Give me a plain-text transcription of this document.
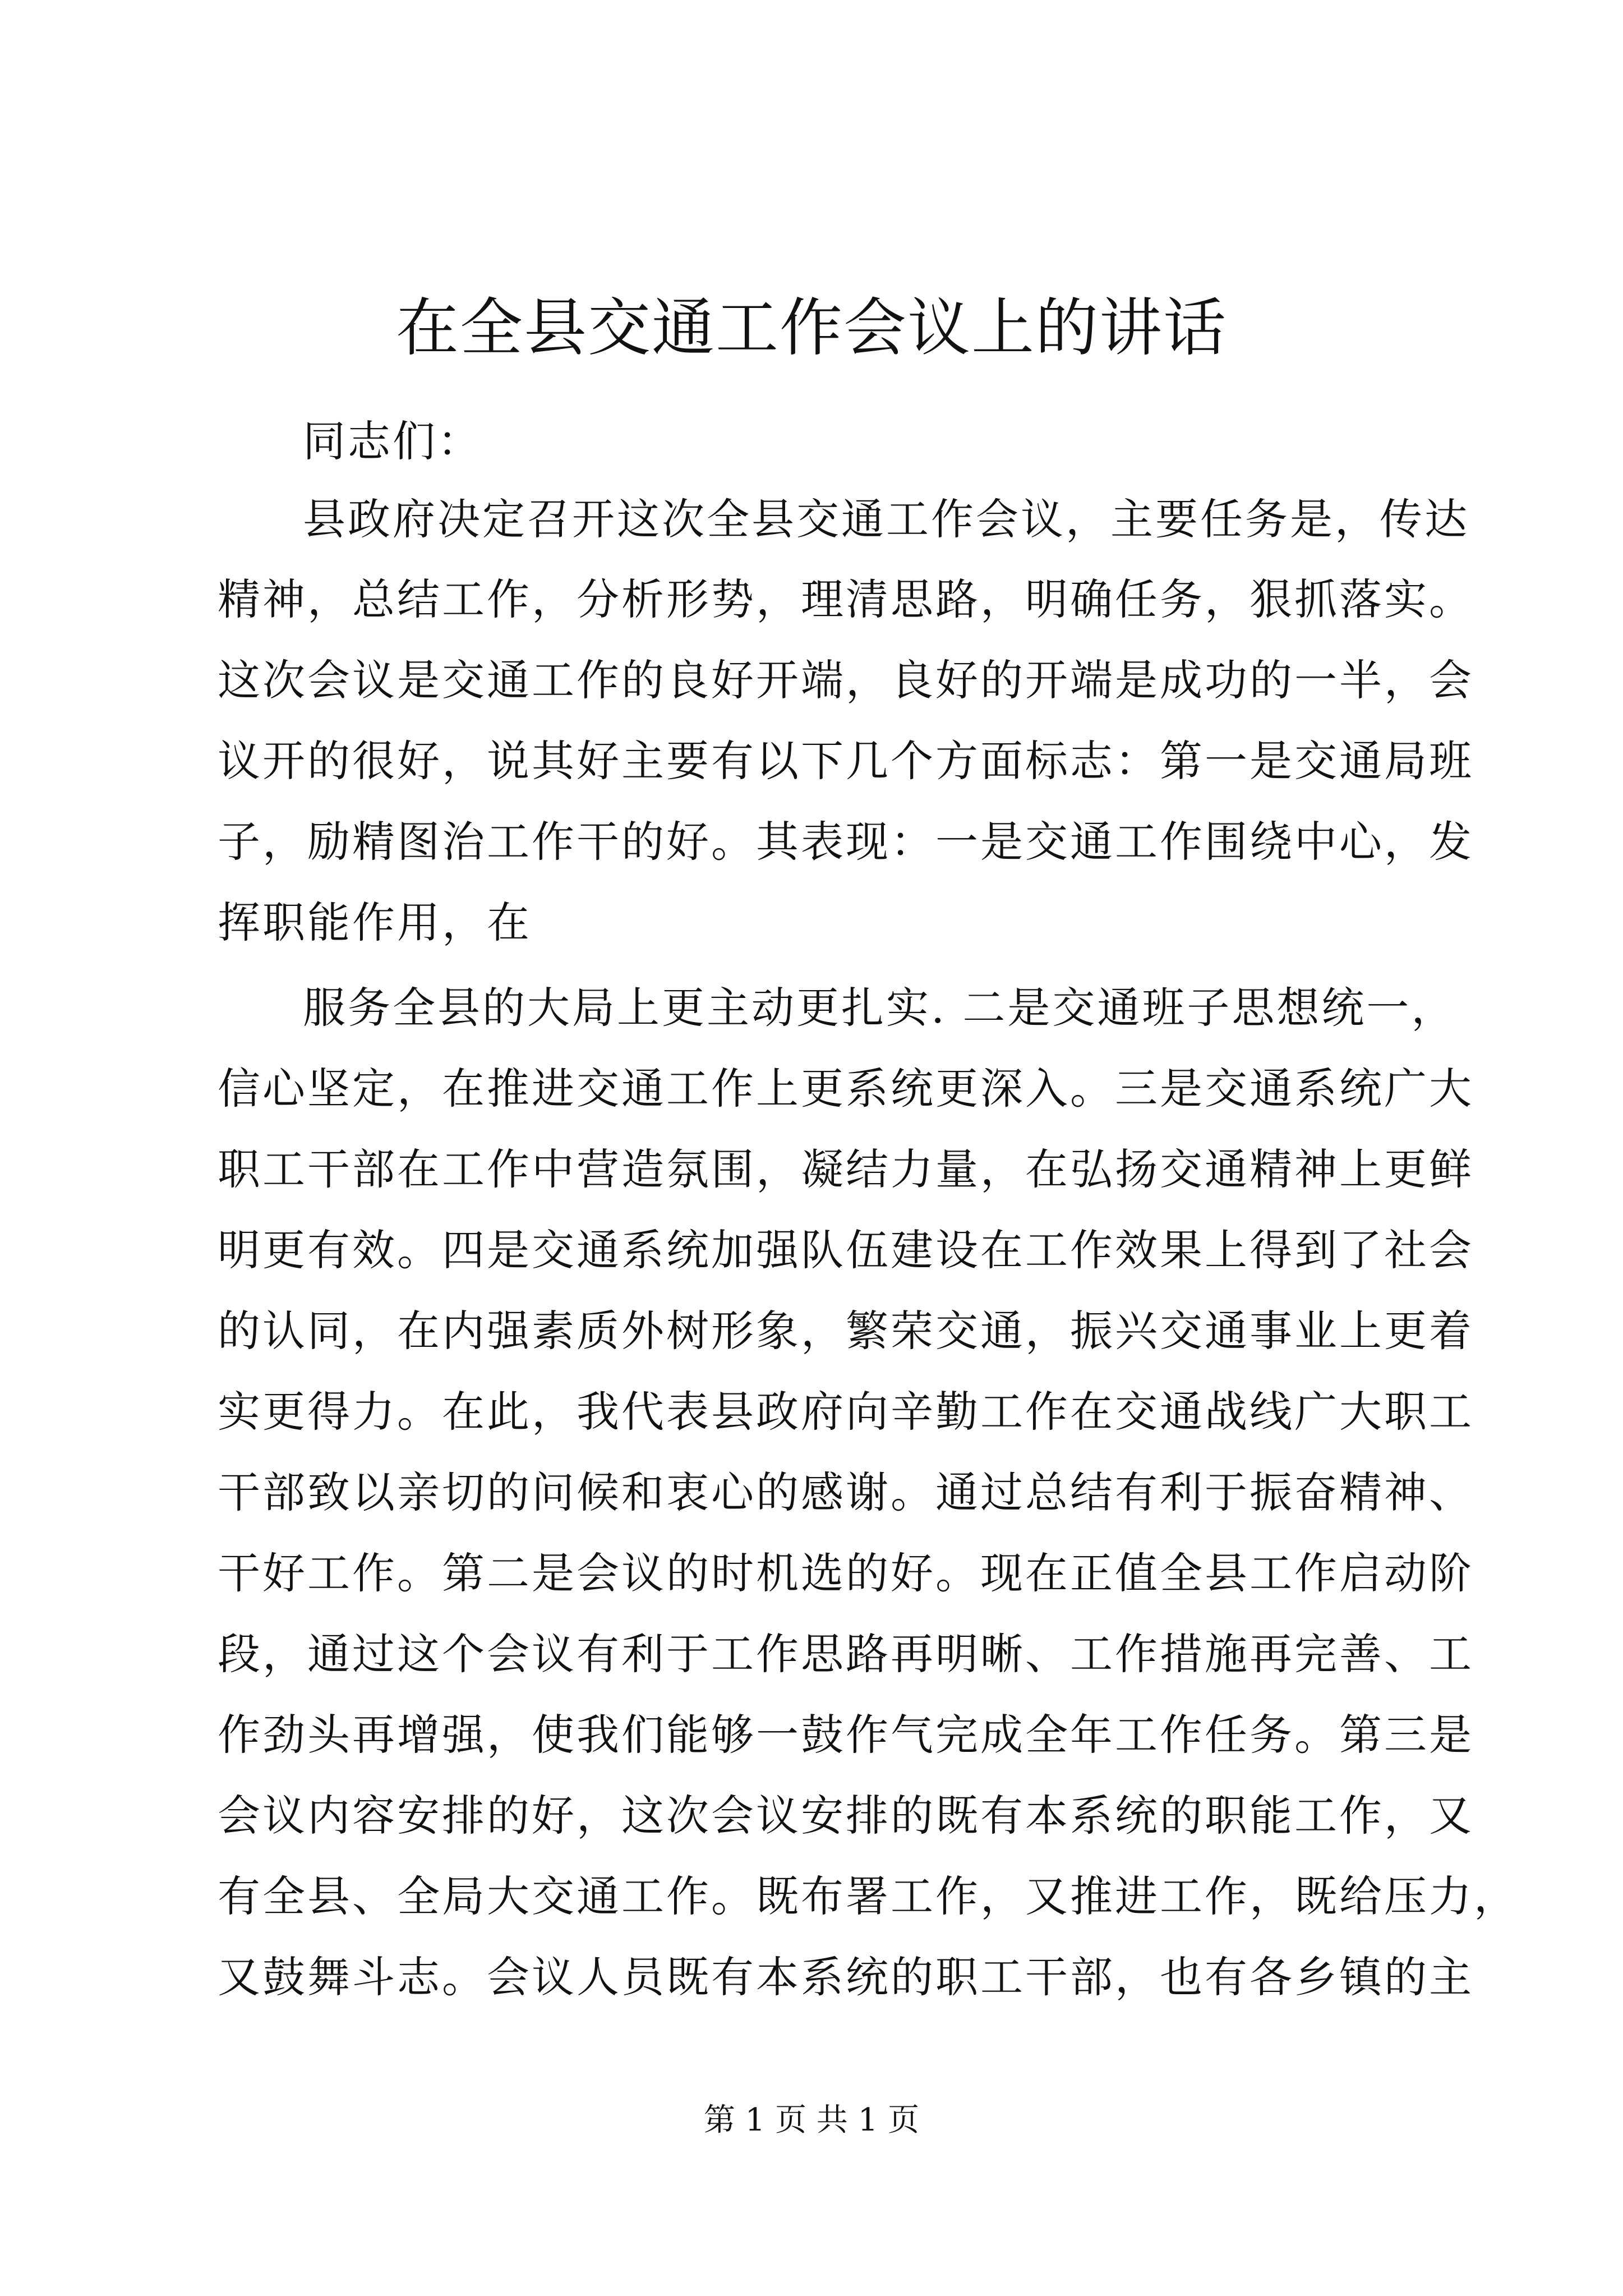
在全县交通工作会议上的讲话
同志们：
县政府决定召开这次全县交通工作会议，主要任务是，传达
精神，总结工作，分析形势，理清思路，明确任务，狠抓落实。
这次会议是交通工作的良好开端，良好的开端是成功的一半，会
议开的很好，说其好主要有以下几个方面标志：第一是交通局班
子，励精图治工作干的好。其表现：一是交通工作围绕中心，发
挥职能作用，在
服务全县的大局上更主动更扎实. 二是交通班子思想统一，
信心坚定，在推进交通工作上更系统更深入。三是交通系统广大
职工干部在工作中营造氛围，凝结力量，在弘扬交通精神上更鲜
明更有效。四是交通系统加强队伍建设在工作效果上得到了社会
的认同，在内强素质外树形象，繁荣交通，振兴交通事业上更着
实更得力。在此，我代表县政府向辛勤工作在交通战线广大职工
干部致以亲切的问候和衷心的感谢。通过总结有利于振奋精神、
干好工作。第二是会议的时机选的好。现在正值全县工作启动阶
段，通过这个会议有利于工作思路再明晰、工作措施再完善、工
作劲头再增强，使我们能够一鼓作气完成全年工作任务。第三是
会议内容安排的好，这次会议安排的既有本系统的职能工作，又
有全县、全局大交通工作。既布署工作，又推进工作，既给压力，
又鼓舞斗志。会议人员既有本系统的职工干部，也有各乡镇的主
第 1 页 共 1 页
